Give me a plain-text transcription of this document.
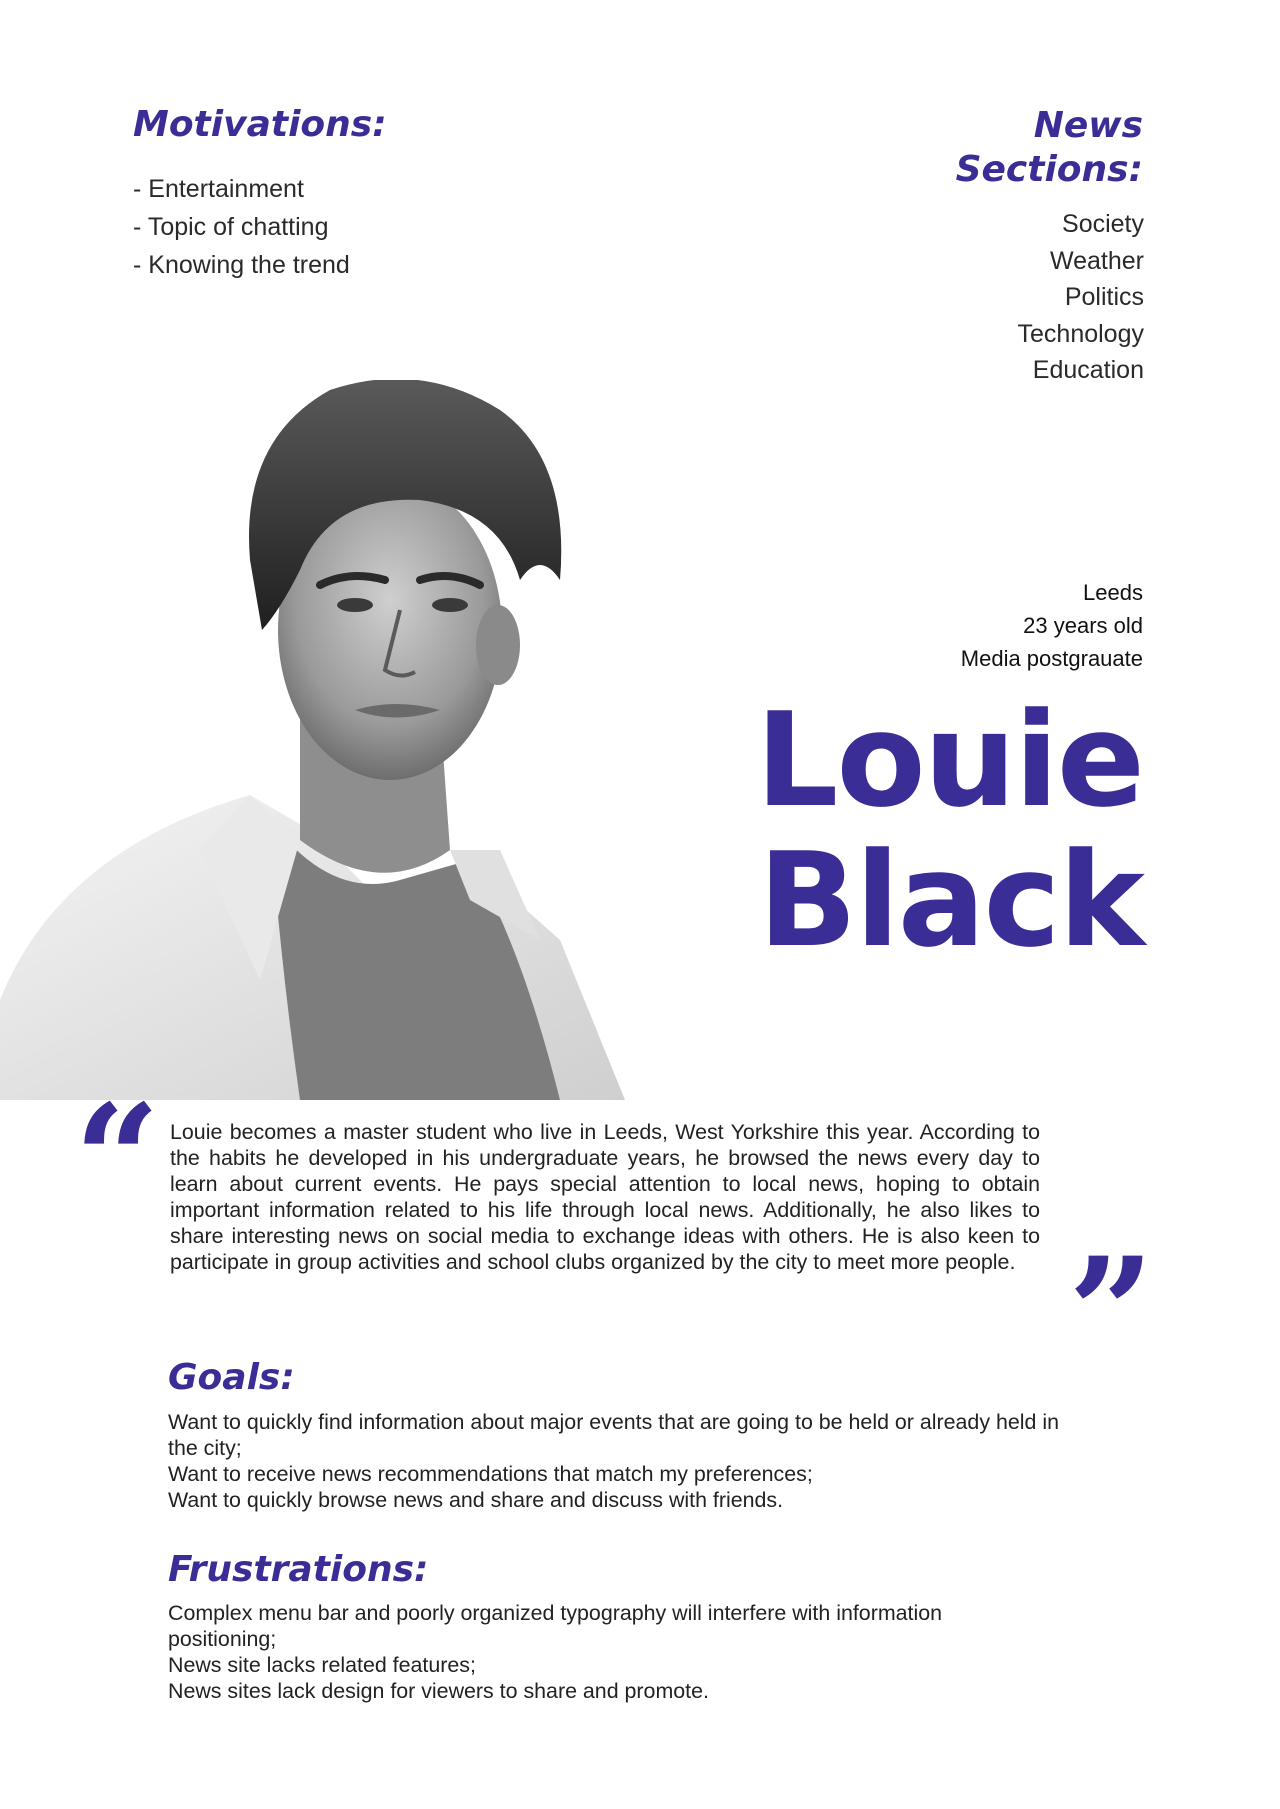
Motivations:
- Entertainment
- Topic of chatting
- Knowing the trend
News
Sections:
Society
Weather
Politics
Technology
Education
Leeds
23 years old
Media postgrauate
Louie
Black
“ Louie becomes a master student who live in Leeds, West Yorkshire this year. According to the habits he developed in his undergraduate years, he browsed the news every day to learn about current events. He pays special attention to local news, hoping to obtain important information related to his life through local news. Additionally, he also likes to share interesting news on social media to exchange ideas with others. He is also keen to participate in group activities and school clubs organized by the city to meet more people. ”
Goals:
Want to quickly find information about major events that are going to be held or already held in the city;
Want to receive news recommendations that match my preferences;
Want to quickly browse news and share and discuss with friends.
Frustrations:
Complex menu bar and poorly organized typography will interfere with information positioning;
News site lacks related features;
News sites lack design for viewers to share and promote.
